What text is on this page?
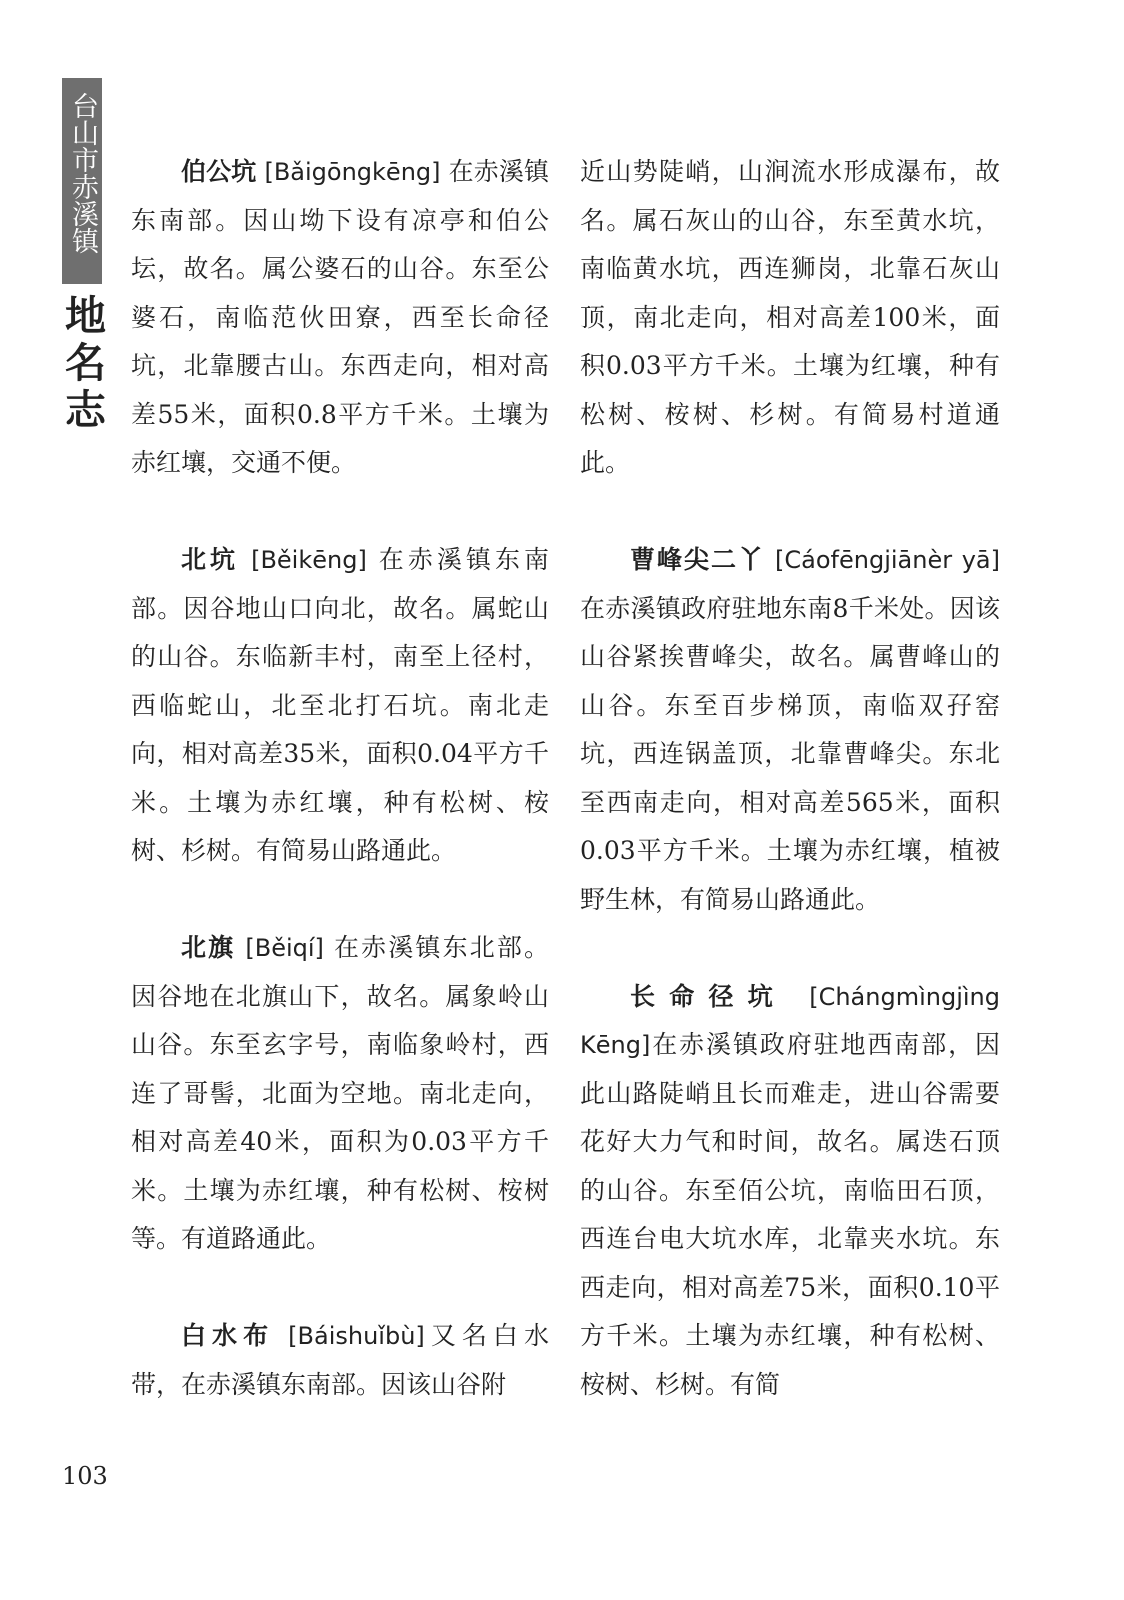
台山市赤溪镇
地名志

伯公坑 [Bǎigōngkēng] 在赤溪镇东南部。因山坳下设有凉亭和伯公坛，故名。属公婆石的山谷。东至公婆石，南临范伙田寮，西至长命径坑，北靠腰古山。东西走向，相对高差55米，面积0.8平方千米。土壤为赤红壤，交通不便。

北坑 [Běikēng] 在赤溪镇东南部。因谷地山口向北，故名。属蛇山的山谷。东临新丰村，南至上径村，西临蛇山，北至北打石坑。南北走向，相对高差35米，面积0.04平方千米。土壤为赤红壤，种有松树、桉树、杉树。有简易山路通此。

北旗 [Běiqí] 在赤溪镇东北部。因谷地在北旗山下，故名。属象岭山山谷。东至玄字号，南临象岭村，西连了哥髻，北面为空地。南北走向，相对高差40米，面积为0.03平方千米。土壤为赤红壤，种有松树、桉树等。有道路通此。

白水布 [Báishuǐbù]又名白水带，在赤溪镇东南部。因该山谷附

近山势陡峭，山涧流水形成瀑布，故名。属石灰山的山谷，东至黄水坑，南临黄水坑，西连狮岗，北靠石灰山顶，南北走向，相对高差100米，面积0.03平方千米。土壤为红壤，种有松树、桉树、杉树。有简易村道通此。

曹峰尖二丫 [Cáofēngjiānèr yā] 在赤溪镇政府驻地东南8千米处。因该山谷紧挨曹峰尖，故名。属曹峰山的山谷。东至百步梯顶，南临双孖窑坑，西连锅盖顶，北靠曹峰尖。东北至西南走向，相对高差565米，面积0.03平方千米。土壤为赤红壤，植被野生林，有简易山路通此。

长命径坑 [Chángmìngjìng Kēng]在赤溪镇政府驻地西南部，因此山路陡峭且长而难走，进山谷需要花好大力气和时间，故名。属迭石顶的山谷。东至佰公坑，南临田石顶，西连台电大坑水库，北靠夹水坑。东西走向，相对高差75米，面积0.10平方千米。土壤为赤红壤，种有松树、桉树、杉树。有简

103
